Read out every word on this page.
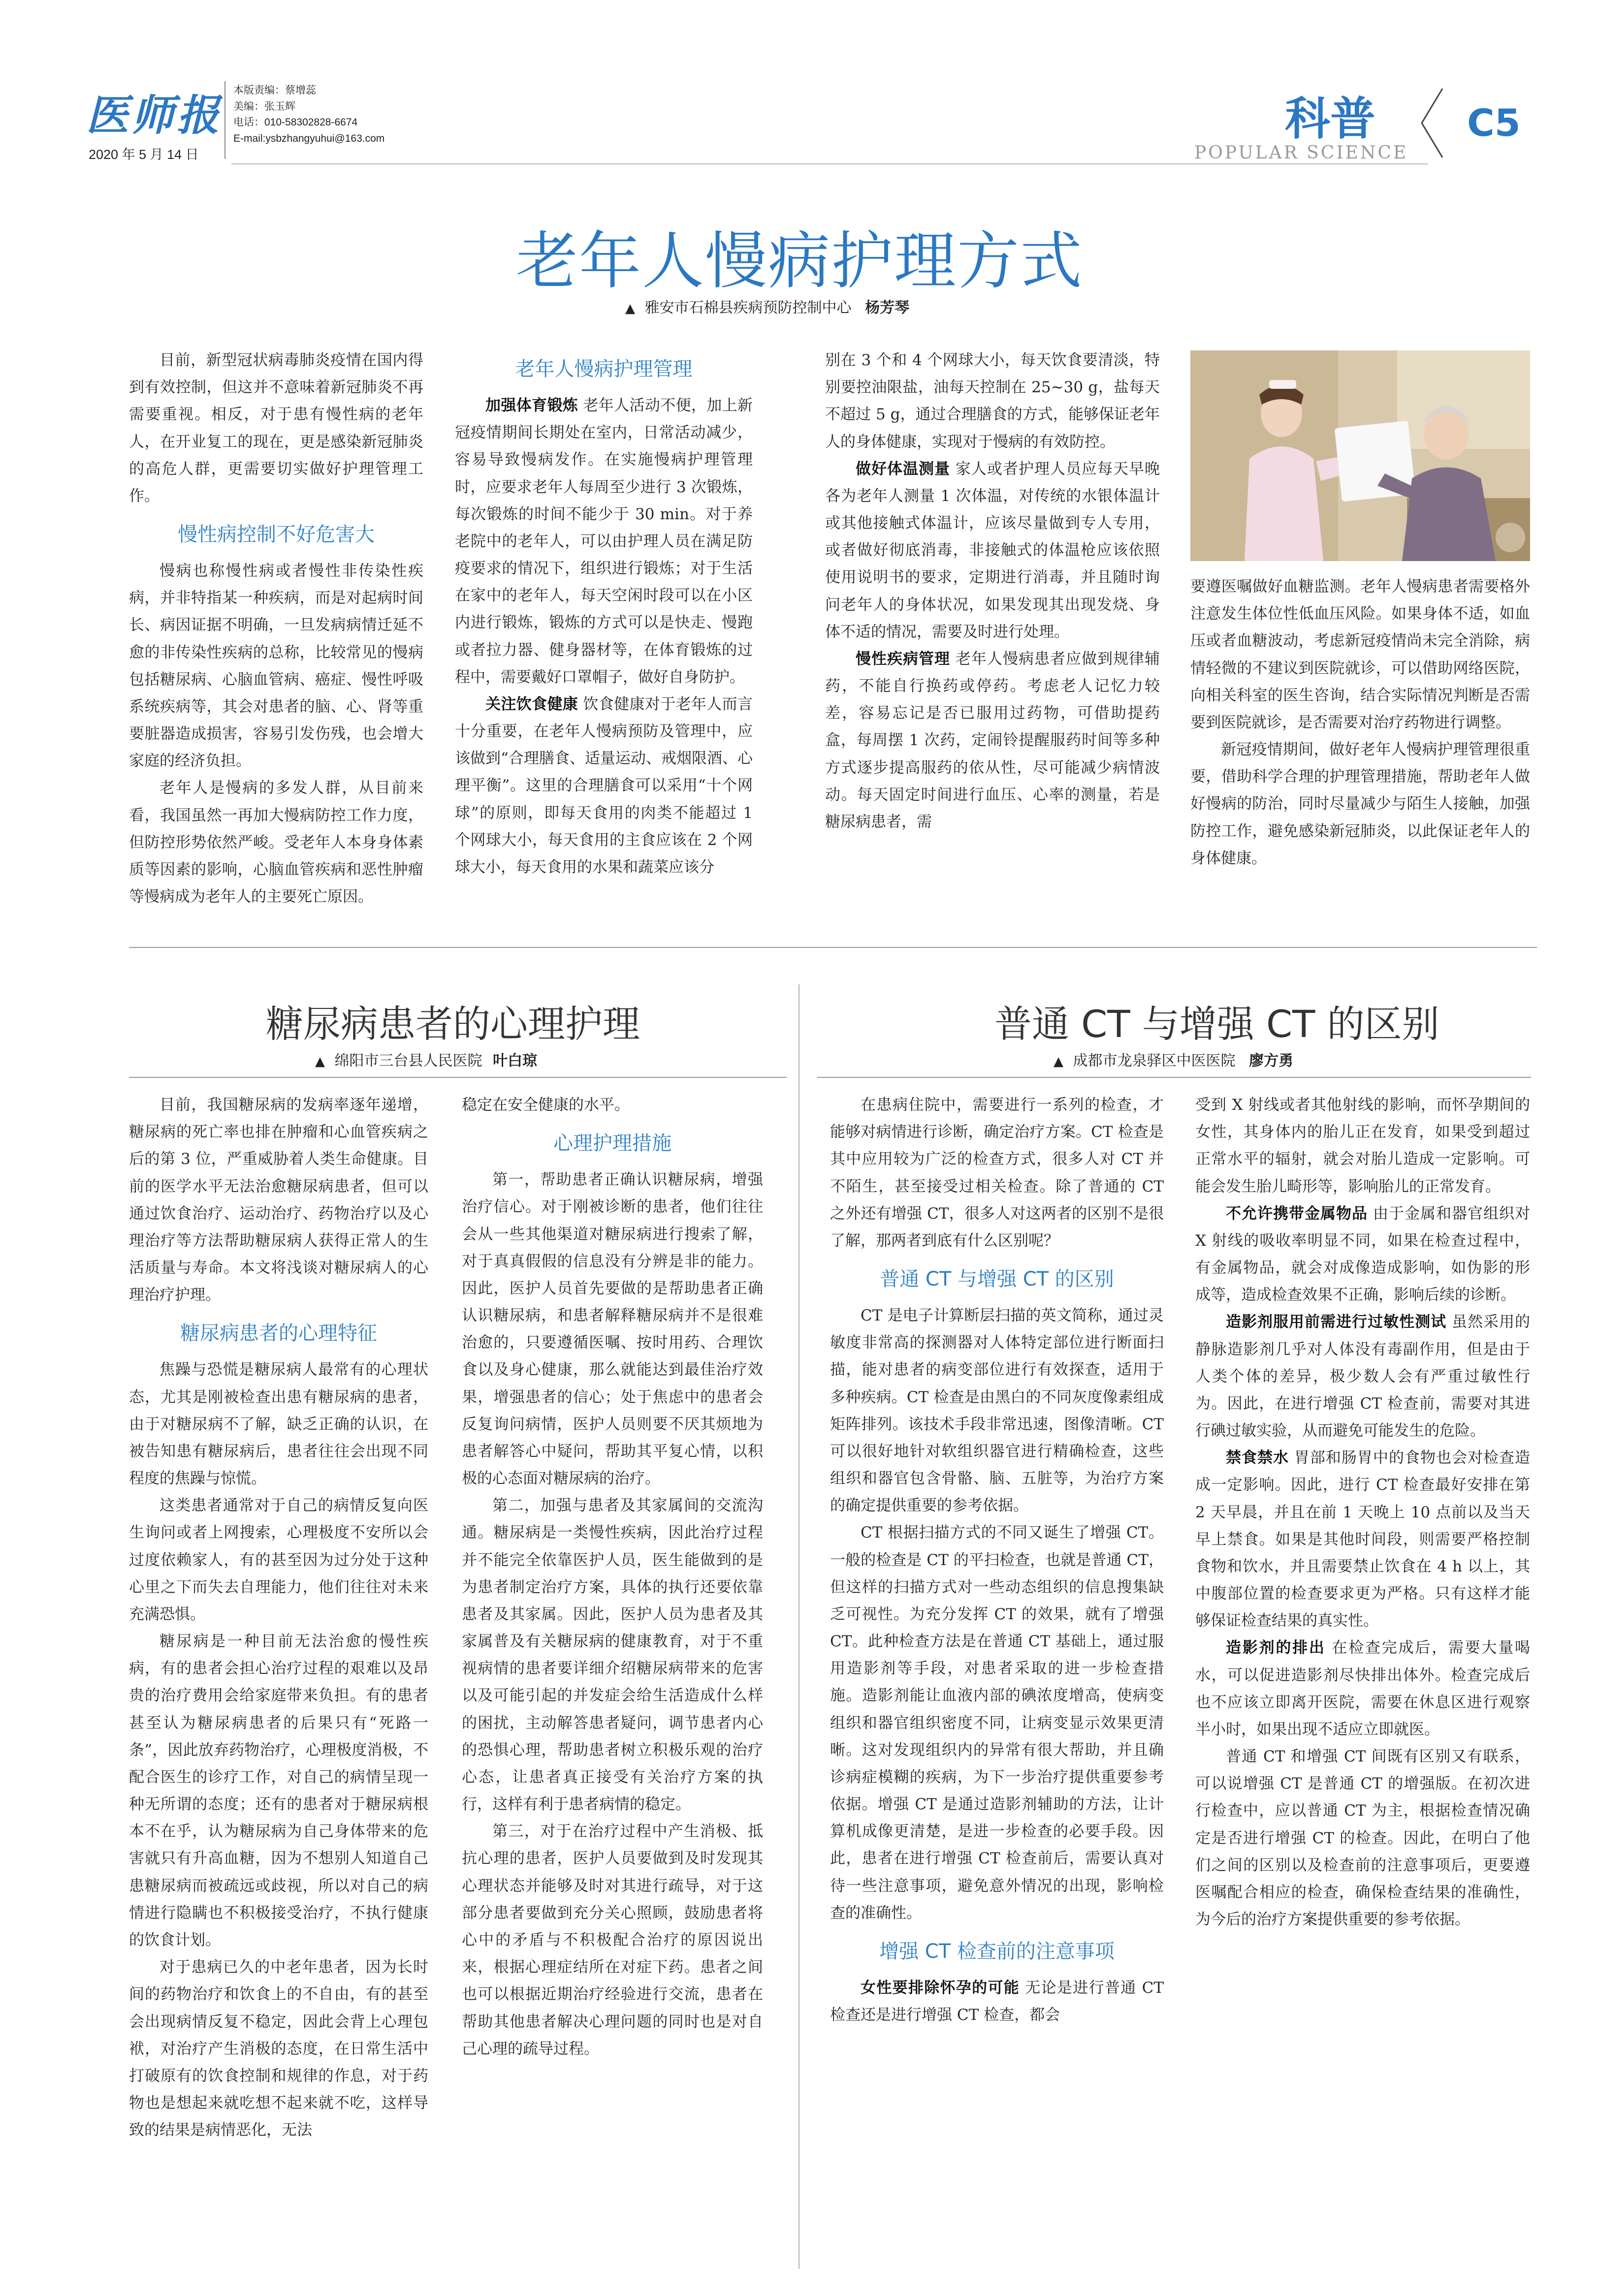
医师报
2020 年 5 月 14 日
本版责编：蔡增蕊
美编：张玉辉
电话：010-58302828-6674
E-mail:ysbzhangyuhui@163.com	科普
POPULAR SCIENCE
C5
老年人慢病护理方式
▲ 雅安市石棉县疾病预防控制中心 杨芳琴

目前，新型冠状病毒肺炎疫情在国内得到有效控制，但这并不意味着新冠肺炎不再需要重视。相反，对于患有慢性病的老年人，在开业复工的现在，更是感染新冠肺炎的高危人群，更需要切实做好护理管理工作。

慢性病控制不好危害大

慢病也称慢性病或者慢性非传染性疾病，并非特指某一种疾病，而是对起病时间长、病因证据不明确，一旦发病病情迁延不愈的非传染性疾病的总称，比较常见的慢病包括糖尿病、心脑血管病、癌症、慢性呼吸系统疾病等，其会对患者的脑、心、肾等重要脏器造成损害，容易引发伤残，也会增大家庭的经济负担。

老年人是慢病的多发人群，从目前来看，我国虽然一再加大慢病防控工作力度，但防控形势依然严峻。受老年人本身身体素质等因素的影响，心脑血管疾病和恶性肿瘤等慢病成为老年人的主要死亡原因。

老年人慢病护理管理

加强体育锻炼 老年人活动不便，加上新冠疫情期间长期处在室内，日常活动减少，容易导致慢病发作。在实施慢病护理管理时，应要求老年人每周至少进行 3 次锻炼，每次锻炼的时间不能少于 30 min。对于养老院中的老年人，可以由护理人员在满足防疫要求的情况下，组织进行锻炼；对于生活在家中的老年人，每天空闲时段可以在小区内进行锻炼，锻炼的方式可以是快走、慢跑或者拉力器、健身器材等，在体育锻炼的过程中，需要戴好口罩帽子，做好自身防护。

关注饮食健康 饮食健康对于老年人而言十分重要，在老年人慢病预防及管理中，应该做到“合理膳食、适量运动、戒烟限酒、心理平衡”。这里的合理膳食可以采用“十个网球”的原则，即每天食用的肉类不能超过 1 个网球大小，每天食用的主食应该在 2 个网球大小，每天食用的水果和蔬菜应该分

别在 3 个和 4 个网球大小，每天饮食要清淡，特别要控油限盐，油每天控制在 25~30 g，盐每天不超过 5 g，通过合理膳食的方式，能够保证老年人的身体健康，实现对于慢病的有效防控。

做好体温测量 家人或者护理人员应每天早晚各为老年人测量 1 次体温，对传统的水银体温计或其他接触式体温计，应该尽量做到专人专用，或者做好彻底消毒，非接触式的体温枪应该依照使用说明书的要求，定期进行消毒，并且随时询问老年人的身体状况，如果发现其出现发烧、身体不适的情况，需要及时进行处理。

慢性疾病管理 老年人慢病患者应做到规律辅药，不能自行换药或停药。考虑老人记忆力较差，容易忘记是否已服用过药物，可借助提药盒，每周摆 1 次药，定闹铃提醒服药时间等多种方式逐步提高服药的依从性，尽可能减少病情波动。每天固定时间进行血压、心率的测量，若是糖尿病患者，需

要遵医嘱做好血糖监测。老年人慢病患者需要格外注意发生体位性低血压风险。如果身体不适，如血压或者血糖波动，考虑新冠疫情尚未完全消除，病情轻微的不建议到医院就诊，可以借助网络医院，向相关科室的医生咨询，结合实际情况判断是否需要到医院就诊，是否需要对治疗药物进行调整。

新冠疫情期间，做好老年人慢病护理管理很重要，借助科学合理的护理管理措施，帮助老年人做好慢病的防治，同时尽量减少与陌生人接触，加强防控工作，避免感染新冠肺炎，以此保证老年人的身体健康。

糖尿病患者的心理护理
▲ 绵阳市三台县人民医院 叶白琼

目前，我国糖尿病的发病率逐年递增，糖尿病的死亡率也排在肿瘤和心血管疾病之后的第 3 位，严重威胁着人类生命健康。目前的医学水平无法治愈糖尿病患者，但可以通过饮食治疗、运动治疗、药物治疗以及心理治疗等方法帮助糖尿病人获得正常人的生活质量与寿命。本文将浅谈对糖尿病人的心理治疗护理。

糖尿病患者的心理特征

焦躁与恐慌是糖尿病人最常有的心理状态，尤其是刚被检查出患有糖尿病的患者，由于对糖尿病不了解，缺乏正确的认识，在被告知患有糖尿病后，患者往往会出现不同程度的焦躁与惊慌。

这类患者通常对于自己的病情反复向医生询问或者上网搜索，心理极度不安所以会过度依赖家人，有的甚至因为过分处于这种心里之下而失去自理能力，他们往往对未来充满恐惧。

糖尿病是一种目前无法治愈的慢性疾病，有的患者会担心治疗过程的艰难以及昂贵的治疗费用会给家庭带来负担。有的患者甚至认为糖尿病患者的后果只有“死路一条”，因此放弃药物治疗，心理极度消极，不配合医生的诊疗工作，对自己的病情呈现一种无所谓的态度；还有的患者对于糖尿病根本不在乎，认为糖尿病为自己身体带来的危害就只有升高血糖，因为不想别人知道自己患糖尿病而被疏远或歧视，所以对自己的病情进行隐瞒也不积极接受治疗，不执行健康的饮食计划。

对于患病已久的中老年患者，因为长时间的药物治疗和饮食上的不自由，有的甚至会出现病情反复不稳定，因此会背上心理包袱，对治疗产生消极的态度，在日常生活中打破原有的饮食控制和规律的作息，对于药物也是想起来就吃想不起来就不吃，这样导致的结果是病情恶化，无法

稳定在安全健康的水平。

心理护理措施

第一，帮助患者正确认识糖尿病，增强治疗信心。对于刚被诊断的患者，他们往往会从一些其他渠道对糖尿病进行搜索了解，对于真真假假的信息没有分辨是非的能力。因此，医护人员首先要做的是帮助患者正确认识糖尿病，和患者解释糖尿病并不是很难治愈的，只要遵循医嘱、按时用药、合理饮食以及身心健康，那么就能达到最佳治疗效果，增强患者的信心；处于焦虑中的患者会反复询问病情，医护人员则要不厌其烦地为患者解答心中疑问，帮助其平复心情，以积极的心态面对糖尿病的治疗。

第二，加强与患者及其家属间的交流沟通。糖尿病是一类慢性疾病，因此治疗过程并不能完全依靠医护人员，医生能做到的是为患者制定治疗方案，具体的执行还要依靠患者及其家属。因此，医护人员为患者及其家属普及有关糖尿病的健康教育，对于不重视病情的患者要详细介绍糖尿病带来的危害以及可能引起的并发症会给生活造成什么样的困扰，主动解答患者疑问，调节患者内心的恐惧心理，帮助患者树立积极乐观的治疗心态，让患者真正接受有关治疗方案的执行，这样有利于患者病情的稳定。

第三，对于在治疗过程中产生消极、抵抗心理的患者，医护人员要做到及时发现其心理状态并能够及时对其进行疏导，对于这部分患者要做到充分关心照顾，鼓励患者将心中的矛盾与不积极配合治疗的原因说出来，根据心理症结所在对症下药。患者之间也可以根据近期治疗经验进行交流，患者在帮助其他患者解决心理问题的同时也是对自己心理的疏导过程。

普通 CT 与增强 CT 的区别
▲ 成都市龙泉驿区中医医院 廖方勇

在患病住院中，需要进行一系列的检查，才能够对病情进行诊断，确定治疗方案。CT 检查是其中应用较为广泛的检查方式，很多人对 CT 并不陌生，甚至接受过相关检查。除了普通的 CT 之外还有增强 CT，很多人对这两者的区别不是很了解，那两者到底有什么区别呢？

普通 CT 与增强 CT 的区别

CT 是电子计算断层扫描的英文简称，通过灵敏度非常高的探测器对人体特定部位进行断面扫描，能对患者的病变部位进行有效探查，适用于多种疾病。CT 检查是由黑白的不同灰度像素组成矩阵排列。该技术手段非常迅速，图像清晰。CT 可以很好地针对软组织器官进行精确检查，这些组织和器官包含骨骼、脑、五脏等，为治疗方案的确定提供重要的参考依据。

CT 根据扫描方式的不同又诞生了增强 CT。一般的检查是 CT 的平扫检查，也就是普通 CT，但这样的扫描方式对一些动态组织的信息搜集缺乏可视性。为充分发挥 CT 的效果，就有了增强 CT。此种检查方法是在普通 CT 基础上，通过服用造影剂等手段，对患者采取的进一步检查措施。造影剂能让血液内部的碘浓度增高，使病变组织和器官组织密度不同，让病变显示效果更清晰。这对发现组织内的异常有很大帮助，并且确诊病症模糊的疾病，为下一步治疗提供重要参考依据。增强 CT 是通过造影剂辅助的方法，让计算机成像更清楚，是进一步检查的必要手段。因此，患者在进行增强 CT 检查前后，需要认真对待一些注意事项，避免意外情况的出现，影响检查的准确性。

增强 CT 检查前的注意事项

女性要排除怀孕的可能 无论是进行普通 CT 检查还是进行增强 CT 检查，都会

受到 X 射线或者其他射线的影响，而怀孕期间的女性，其身体内的胎儿正在发育，如果受到超过正常水平的辐射，就会对胎儿造成一定影响。可能会发生胎儿畸形等，影响胎儿的正常发育。

不允许携带金属物品 由于金属和器官组织对 X 射线的吸收率明显不同，如果在检查过程中，有金属物品，就会对成像造成影响，如伪影的形成等，造成检查效果不正确，影响后续的诊断。

造影剂服用前需进行过敏性测试 虽然采用的静脉造影剂几乎对人体没有毒副作用，但是由于人类个体的差异，极少数人会有严重过敏性行为。因此，在进行增强 CT 检查前，需要对其进行碘过敏实验，从而避免可能发生的危险。

禁食禁水 胃部和肠胃中的食物也会对检查造成一定影响。因此，进行 CT 检查最好安排在第 2 天早晨，并且在前 1 天晚上 10 点前以及当天早上禁食。如果是其他时间段，则需要严格控制食物和饮水，并且需要禁止饮食在 4 h 以上，其中腹部位置的检查要求更为严格。只有这样才能够保证检查结果的真实性。

造影剂的排出 在检查完成后，需要大量喝水，可以促进造影剂尽快排出体外。检查完成后也不应该立即离开医院，需要在休息区进行观察半小时，如果出现不适应立即就医。

普通 CT 和增强 CT 间既有区别又有联系，可以说增强 CT 是普通 CT 的增强版。在初次进行检查中，应以普通 CT 为主，根据检查情况确定是否进行增强 CT 的检查。因此，在明白了他们之间的区别以及检查前的注意事项后，更要遵医嘱配合相应的检查，确保检查结果的准确性，为今后的治疗方案提供重要的参考依据。
